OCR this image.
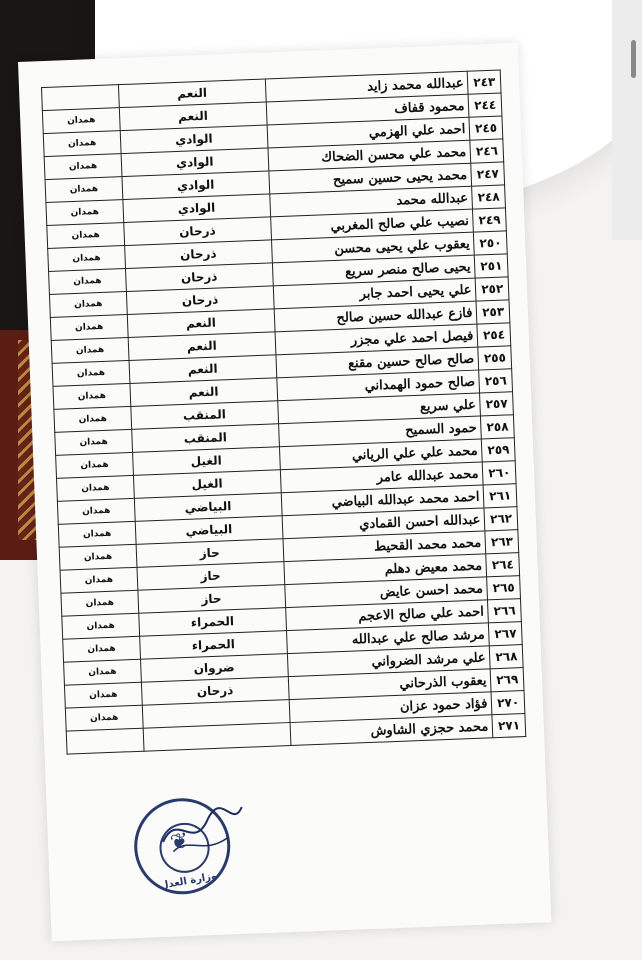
٢٤٣	عبدالله محمد زايد	النعم	
٢٤٤	محمود قفاف	النعم	همدان
٢٤٥	احمد علي الهزمي	الوادي	همدان
٢٤٦	محمد علي محسن الضحاك	الوادي	همدان
٢٤٧	محمد يحيى حسين سميح	الوادي	همدان
٢٤٨	عبدالله محمد	الوادي	همدان
٢٤٩	نصيب علي صالح المغربي	ذرحان	همدان
٢٥٠	يعقوب علي يحيى محسن	ذرحان	همدان
٢٥١	يحيى صالح منصر سريع	ذرحان	همدان
٢٥٢	علي يحيى احمد جابر	ذرحان	همدان
٢٥٣	فازع عبدالله حسين صالح	النعم	همدان
٢٥٤	فيصل احمد علي مجزر	النعم	همدان
٢٥٥	صالح صالح حسين مقنع	النعم	همدان
٢٥٦	صالح حمود الهمداني	النعم	همدان
٢٥٧	علي سريع	المنقب	همدان
٢٥٨	حمود السميح	المنقب	همدان
٢٥٩	محمد علي علي الرياني	الغيل	همدان
٢٦٠	محمد عبدالله عامر	الغيل	همدان
٢٦١	احمد محمد عبدالله البياضي	البياضي	همدان
٢٦٢	عبدالله احسن القمادي	البياضي	همدان
٢٦٣	محمد محمد القحيط	حاز	همدان
٢٦٤	محمد معيض دهلم	حاز	همدان
٢٦٥	محمد احسن عايض	حاز	همدان
٢٦٦	احمد علي صالح الاعجم	الحمراء	همدان
٢٦٧	مرشد صالح علي عبدالله	الحمراء	همدان
٢٦٨	علي مرشد الضرواني	ضروان	همدان
٢٦٩	يعقوب الذرحاني	ذرحان	همدان
٢٧٠	فؤاد حمود عزان		همدان
٢٧١	محمد حجزي الشاوش		
❦
وزارة العدل
